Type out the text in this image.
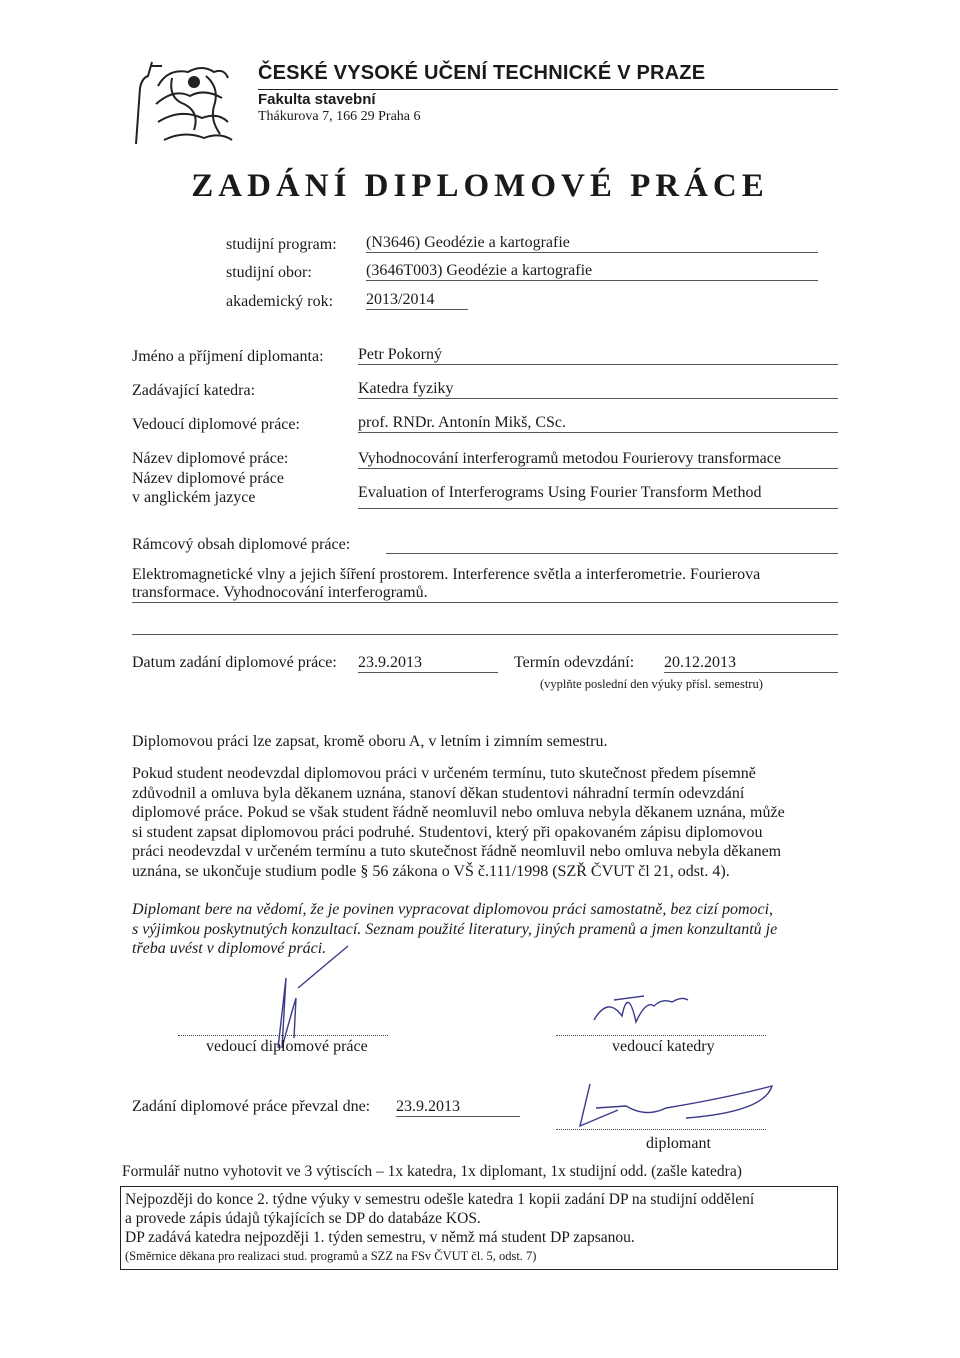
ČESKÉ VYSOKÉ UČENÍ TECHNICKÉ V PRAZE
Fakulta stavební
Thákurova 7, 166 29 Praha 6
ZADÁNÍ DIPLOMOVÉ PRÁCE
studijní program: (N3646) Geodézie a kartografie
studijní obor:	(3646T003) Geodézie a kartografie
akademický rok: 2013/2014
Jméno a příjmení diplomanta: Petr Pokorný
Zadávající katedra:	Katedra fyziky
Vedoucí diplomové práce:	prof. RNDr. Antonín Mikš, CSc.
Název diplomové práce:	Vyhodnocování interferogramů metodou Fourierovy transformace
Název diplomové práce
v anglickém jazyce	Evaluation of Interferograms Using Fourier Transform Method
Rámcový obsah diplomové práce:
Elektromagnetické vlny a jejich šíření prostorem. Interference světla a interferometrie. Fourierova
transformace. Vyhodnocování interferogramů.
Datum zadání diplomové práce: 23.9.2013	Termín odevzdání: 20.12.2013
(vyplňte poslední den výuky přísl. semestru)
Diplomovou práci lze zapsat, kromě oboru A, v letním i zimním semestru.
Pokud student neodevzdal diplomovou práci v určeném termínu, tuto skutečnost předem písemně
zdůvodnil a omluva byla děkanem uznána, stanoví děkan studentovi náhradní termín odevzdání
diplomové práce. Pokud se však student řádně neomluvil nebo omluva nebyla děkanem uznána, může
si student zapsat diplomovou práci podruhé. Studentovi, který při opakovaném zápisu diplomovou
práci neodevzdal v určeném termínu a tuto skutečnost řádně neomluvil nebo omluva nebyla děkanem
uznána, se ukončuje studium podle § 56 zákona o VŠ č.111/1998 (SZŘ ČVUT čl 21, odst. 4).
Diplomant bere na vědomí, že je povinen vypracovat diplomovou práci samostatně, bez cizí pomoci,
s výjimkou poskytnutých konzultací. Seznam použité literatury, jiných pramenů a jmen konzultantů je
třeba uvést v diplomové práci.
vedoucí diplomové práce	vedoucí katedry
Zadání diplomové práce převzal dne: 23.9.2013
diplomant
Formulář nutno vyhotovit ve 3 výtiscích – 1x katedra, 1x diplomant, 1x studijní odd. (zašle katedra)
Nejpozději do konce 2. týdne výuky v semestru odešle katedra 1 kopii zadání DP na studijní oddělení
a provede zápis údajů týkajících se DP do databáze KOS.
DP zadává katedra nejpozději 1. týden semestru, v němž má student DP zapsanou.
(Směrnice děkana pro realizaci stud. programů a SZZ na FSv ČVUT čl. 5, odst. 7)
